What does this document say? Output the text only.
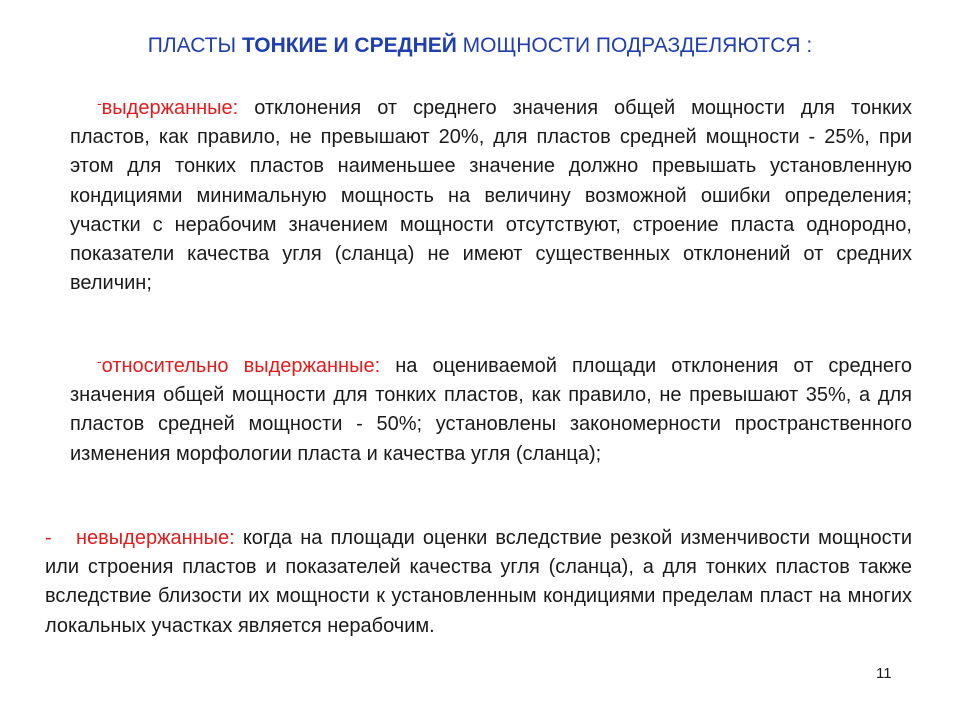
ПЛАСТЫ ТОНКИЕ И СРЕДНЕЙ МОЩНОСТИ ПОДРАЗДЕЛЯЮТСЯ :

-выдержанные: отклонения от среднего значения общей мощности для тонких пластов, как правило, не превышают 20%, для пластов средней мощности - 25%, при этом для тонких пластов наименьшее значение должно превышать установленную кондициями минимальную мощность на величину возможной ошибки определения; участки с нерабочим значением мощности отсутствуют, строение пласта однородно, показатели качества угля (сланца) не имеют существенных отклонений от средних величин;

-относительно выдержанные: на оцениваемой площади отклонения от среднего значения общей мощности для тонких пластов, как правило, не превышают 35%, а для пластов средней мощности - 50%; установлены закономерности пространственного изменения морфологии пласта и качества угля (сланца);

- невыдержанные: когда на площади оценки вследствие резкой изменчивости мощности или строения пластов и показателей качества угля (сланца), а для тонких пластов также вследствие близости их мощности к установленным кондициями пределам пласт на многих локальных участках является нерабочим.

11
